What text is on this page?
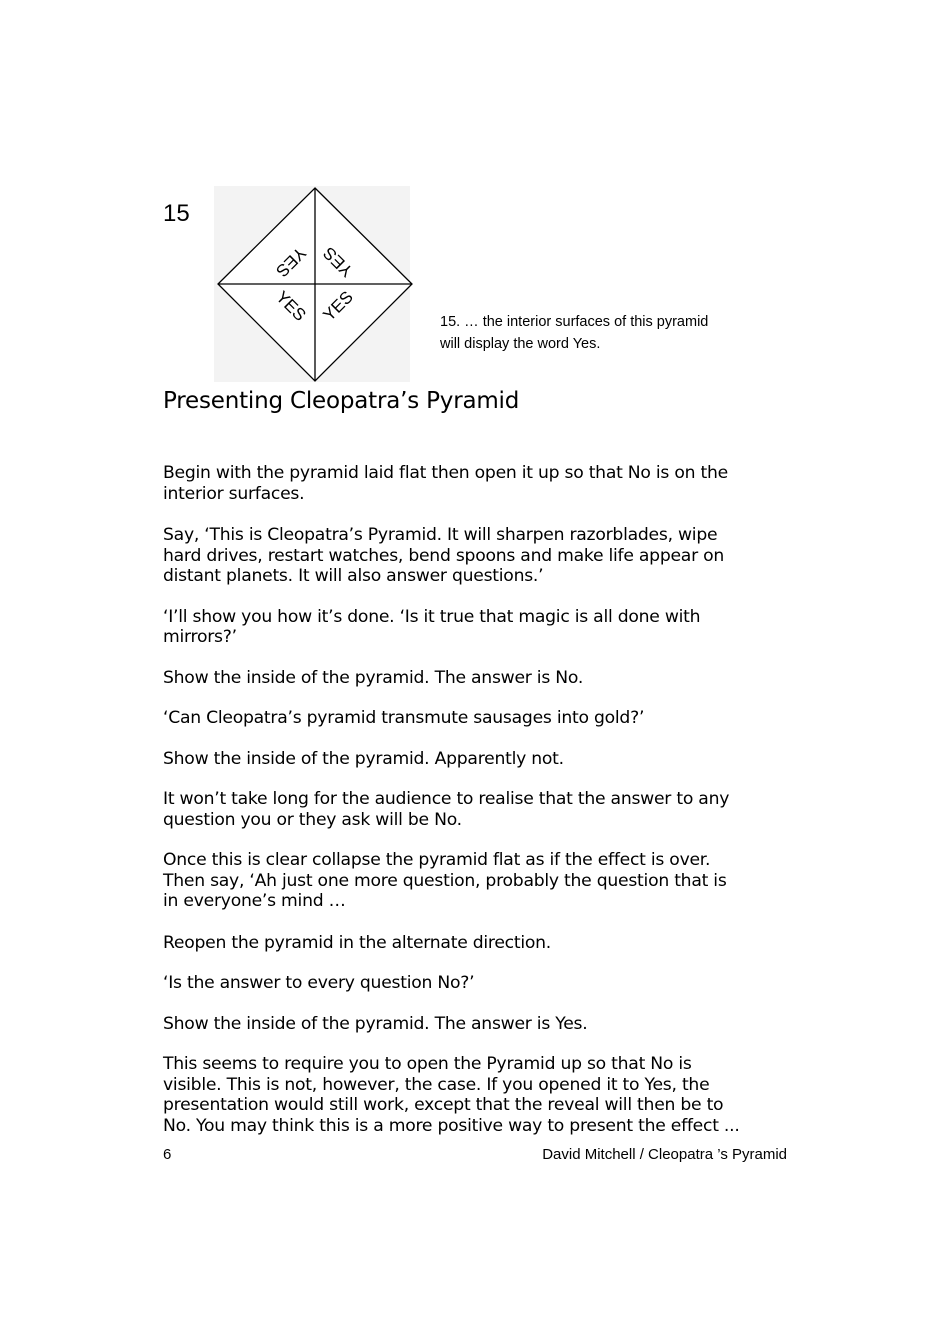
15
YES YES
YES YES	15. … the interior surfaces of this pyramid
will display the word Yes.
Presenting Cleopatra’s Pyramid

Begin with the pyramid laid flat then open it up so that No is on the
interior surfaces.

Say, ‘This is Cleopatra’s Pyramid. It will sharpen razorblades, wipe
hard drives, restart watches, bend spoons and make life appear on
distant planets. It will also answer questions.’

‘I’ll show you how it’s done. ‘Is it true that magic is all done with
mirrors?’

Show the inside of the pyramid. The answer is No.

‘Can Cleopatra’s pyramid transmute sausages into gold?’

Show the inside of the pyramid. Apparently not.

It won’t take long for the audience to realise that the answer to any
question you or they ask will be No.

Once this is clear collapse the pyramid flat as if the effect is over.
Then say, ‘Ah just one more question, probably the question that is
in everyone’s mind …

Reopen the pyramid in the alternate direction.

‘Is the answer to every question No?’

Show the inside of the pyramid. The answer is Yes.

This seems to require you to open the Pyramid up so that No is
visible. This is not, however, the case. If you opened it to Yes, the
presentation would still work, except that the reveal will then be to
No. You may think this is a more positive way to present the effect ...

6	David Mitchell / Cleopatra ’s Pyramid
